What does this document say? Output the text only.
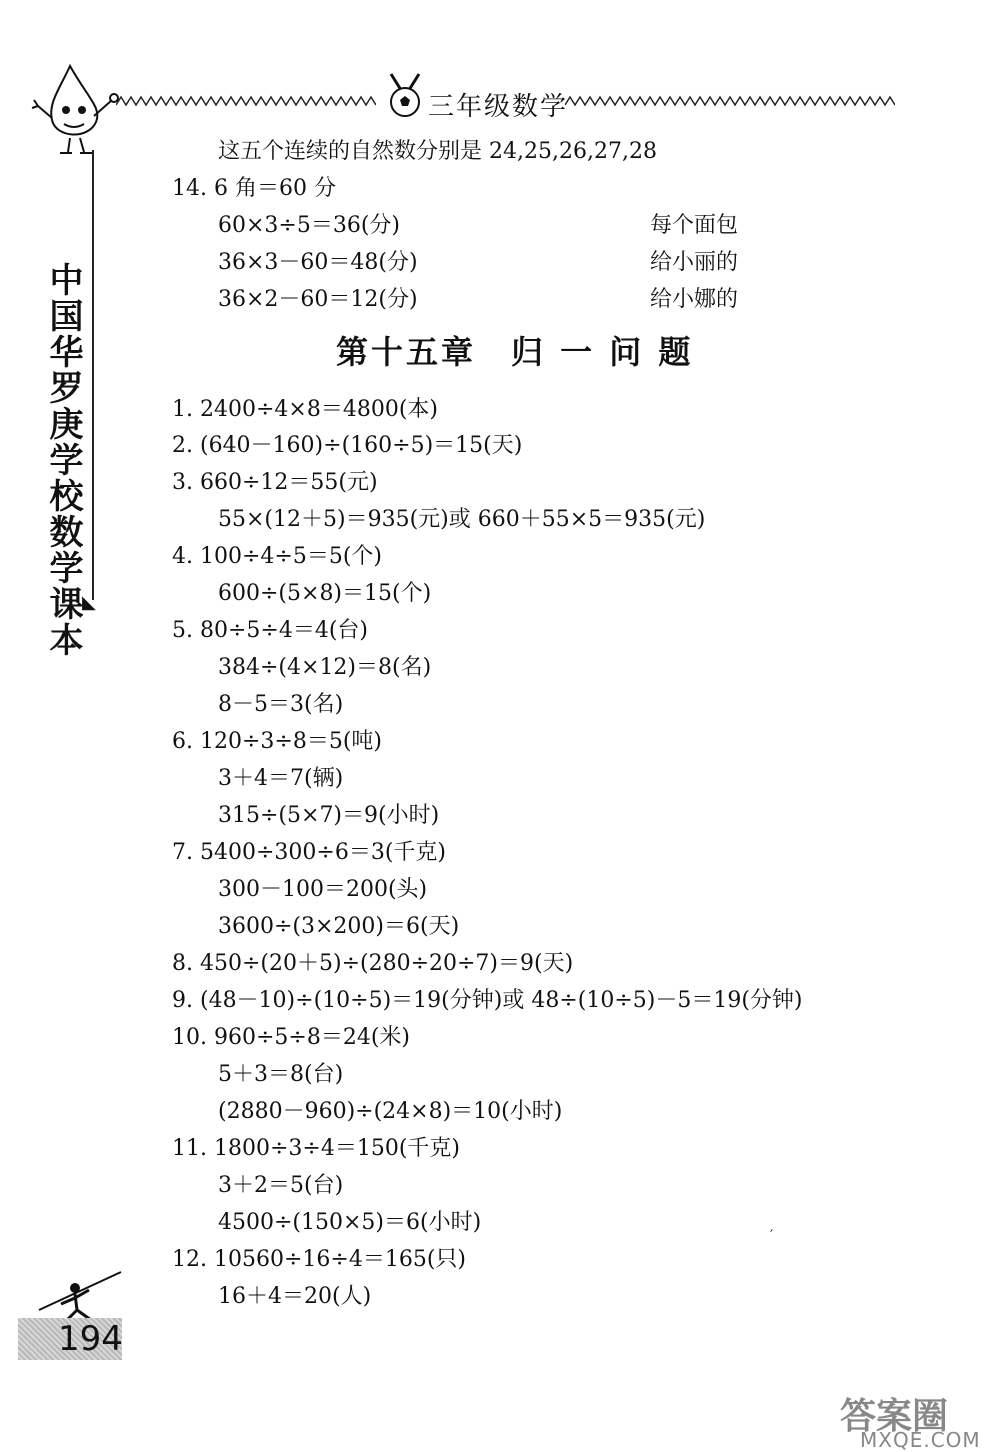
三年级数学
◣
中国华罗庚学校数学课本
这五个连续的自然数分别是 24,25,26,27,28
14. 6 角＝60 分
60×3÷5＝36(分)	每个面包
36×3－60＝48(分)	给小丽的
36×2－60＝12(分)	给小娜的
第十五章　归 一 问 题
1. 2400÷4×8＝4800(本)
2. (640－160)÷(160÷5)＝15(天)
3. 660÷12＝55(元)
55×(12＋5)＝935(元)或 660＋55×5＝935(元)
4. 100÷4÷5＝5(个)
600÷(5×8)＝15(个)
5. 80÷5÷4＝4(台)
384÷(4×12)＝8(名)
8－5＝3(名)
6. 120÷3÷8＝5(吨)
3＋4＝7(辆)
315÷(5×7)＝9(小时)
7. 5400÷300÷6＝3(千克)
300－100＝200(头)
3600÷(3×200)＝6(天)
8. 450÷(20＋5)÷(280÷20÷7)＝9(天)
9. (48－10)÷(10÷5)＝19(分钟)或 48÷(10÷5)－5＝19(分钟)
10. 960÷5÷8＝24(米)
5＋3＝8(台)
(2880－960)÷(24×8)＝10(小时)
11. 1800÷3÷4＝150(千克)
3＋2＝5(台)
4500÷(150×5)＝6(小时)
12. 10560÷16÷4＝165(只)
16＋4＝20(人)
′
194
答案圈
MXQE.COM
